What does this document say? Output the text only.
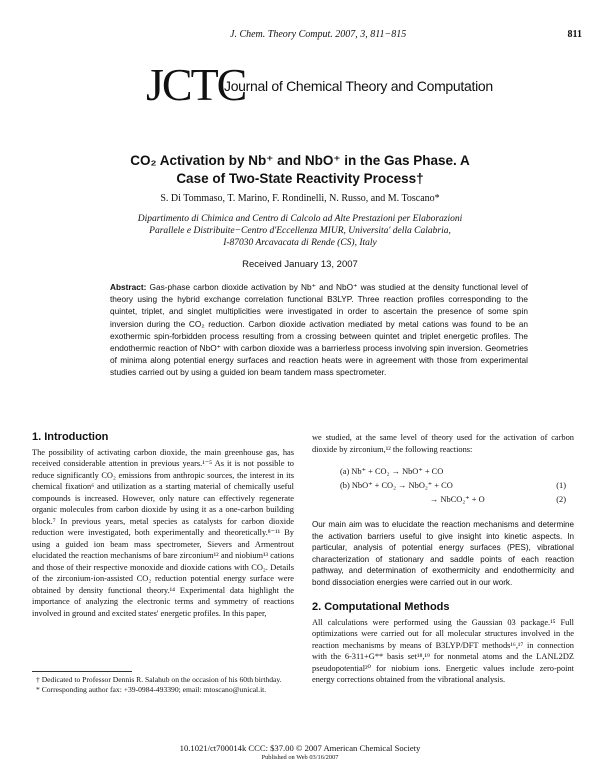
J. Chem. Theory Comput. 2007, 3, 811−815	811
JCTC
Journal of Chemical Theory and Computation
CO₂ Activation by Nb⁺ and NbO⁺ in the Gas Phase. A
Case of Two-State Reactivity Process†
S. Di Tommaso, T. Marino, F. Rondinelli, N. Russo, and M. Toscano*
Dipartimento di Chimica and Centro di Calcolo ad Alte Prestazioni per Elaborazioni
Parallele e Distribuite−Centro d'Eccellenza MIUR, Universita' della Calabria,
I-87030 Arcavacata di Rende (CS), Italy
Received January 13, 2007
Abstract: Gas-phase carbon dioxide activation by Nb⁺ and NbO⁺ was studied at the density functional level of theory using the hybrid exchange correlation functional B3LYP. Three reaction profiles corresponding to the quintet, triplet, and singlet multiplicities were investigated in order to ascertain the presence of some spin inversion during the CO₂ reduction. Carbon dioxide activation mediated by metal cations was found to be an exothermic spin-forbidden process resulting from a crossing between quintet and triplet energetic profiles. The endothermic reaction of NbO⁺ with carbon dioxide was a barrierless process involving spin inversion. Geometries of minima along potential energy surfaces and reaction heats were in agreement with those from experimental studies carried out by using a guided ion beam tandem mass spectrometer.
1. Introduction

The possibility of activating carbon dioxide, the main greenhouse gas, has received considerable attention in previous years.¹⁻⁵ As it is not possible to reduce significantly CO₂ emissions from anthropic sources, the interest in its chemical fixation⁶ and utilization as a starting material of chemically useful compounds is increased. However, only nature can effectively regenerate organic molecules from carbon dioxide by using it as a one-carbon building block.⁷ In previous years, metal species as catalysts for carbon dioxide reduction were investigated, both experimentally and theoretically.⁸⁻¹¹ By using a guided ion beam mass spectrometer, Sievers and Armentrout elucidated the reaction mechanisms of bare zirconium¹² and niobium¹³ cations and those of their respective monoxide and dioxide cations with CO₂. Details of the zirconium-ion-assisted CO₂ reduction potential energy surface were obtained by density functional theory.¹⁴ Experimental data highlight the importance of analyzing the electronic terms and symmetry of reactions involved in ground and excited states' energetic profiles. In this paper,

we studied, at the same level of theory used for the activation of carbon dioxide by zirconium,¹² the following reactions:

(a) Nb⁺ + CO₂ → NbO⁺ + CO
(b) NbO⁺ + CO₂ → NbO₂⁺ + CO	(1)
→ NbCO₂⁺ + O	(2)

Our main aim was to elucidate the reaction mechanisms and determine the activation barriers useful to give insight into kinetic aspects. In particular, analysis of potential energy surfaces (PES), vibrational characterization of stationary and saddle points of each reaction pathway, and determination of exothermicity and endothermicity and bond dissociation energies were carried out in our work.

2. Computational Methods

All calculations were performed using the Gaussian 03 package.¹⁵ Full optimizations were carried out for all molecular structures involved in the reaction mechanisms by means of B3LYP/DFT methods¹⁶,¹⁷ in connection with the 6-311+G** basis set¹⁸,¹⁹ for nonmetal atoms and the LANL2DZ pseudopotential²⁰ for niobium ions. Energetic values include zero-point energy corrections obtained from the vibrational analysis.

† Dedicated to Professor Dennis R. Salahub on the occasion of his 60th birthday.
* Corresponding author fax: +39-0984-493390; email: mtoscano@unical.it.
10.1021/ct700014k CCC: $37.00 © 2007 American Chemical Society
Published on Web 03/16/2007
